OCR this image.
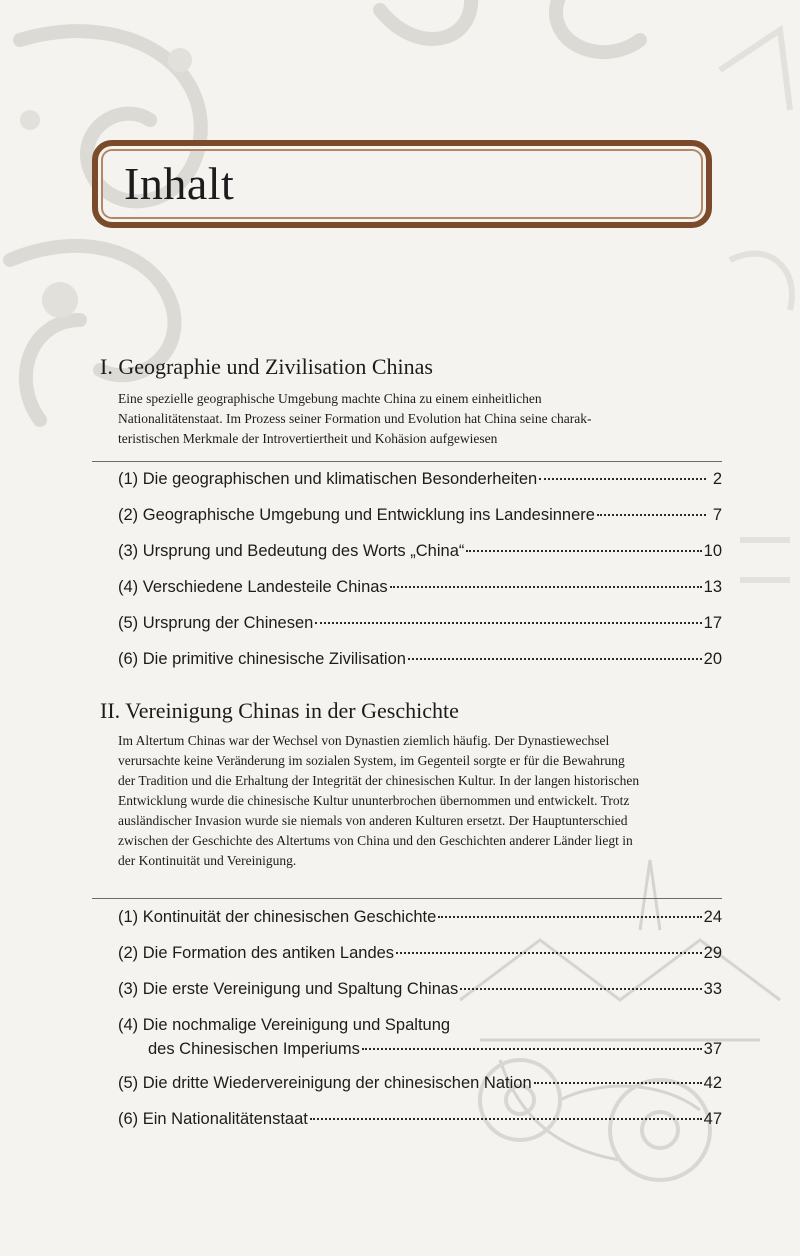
Inhalt
I. Geographie und Zivilisation Chinas
Eine spezielle geographische Umgebung machte China zu einem einheitlichen
Nationalitätenstaat. Im Prozess seiner Formation und Evolution hat China seine charak-
teristischen Merkmale der Introvertiertheit und Kohäsion aufgewiesen
(1) Die geographischen und klimatischen Besonderheiten	2
(2) Geographische Umgebung und Entwicklung ins Landesinnere	7
(3) Ursprung und Bedeutung des Worts „China“	10
(4) Verschiedene Landesteile Chinas	13
(5) Ursprung der Chinesen	17
(6) Die primitive chinesische Zivilisation	20
II. Vereinigung Chinas in der Geschichte
Im Altertum Chinas war der Wechsel von Dynastien ziemlich häufig. Der Dynastiewechsel
verursachte keine Veränderung im sozialen System, im Gegenteil sorgte er für die Bewahrung
der Tradition und die Erhaltung der Integrität der chinesischen Kultur. In der langen historischen
Entwicklung wurde die chinesische Kultur ununterbrochen übernommen und entwickelt. Trotz
ausländischer Invasion wurde sie niemals von anderen Kulturen ersetzt. Der Hauptunterschied
zwischen der Geschichte des Altertums von China und den Geschichten anderer Länder liegt in
der Kontinuität und Vereinigung.
(1) Kontinuität der chinesischen Geschichte	24
(2) Die Formation des antiken Landes	29
(3) Die erste Vereinigung und Spaltung Chinas	33
(4) Die nochmalige Vereinigung und Spaltung
des Chinesischen Imperiums	37
(5) Die dritte Wiedervereinigung der chinesischen Nation	42
(6) Ein Nationalitätenstaat	47
